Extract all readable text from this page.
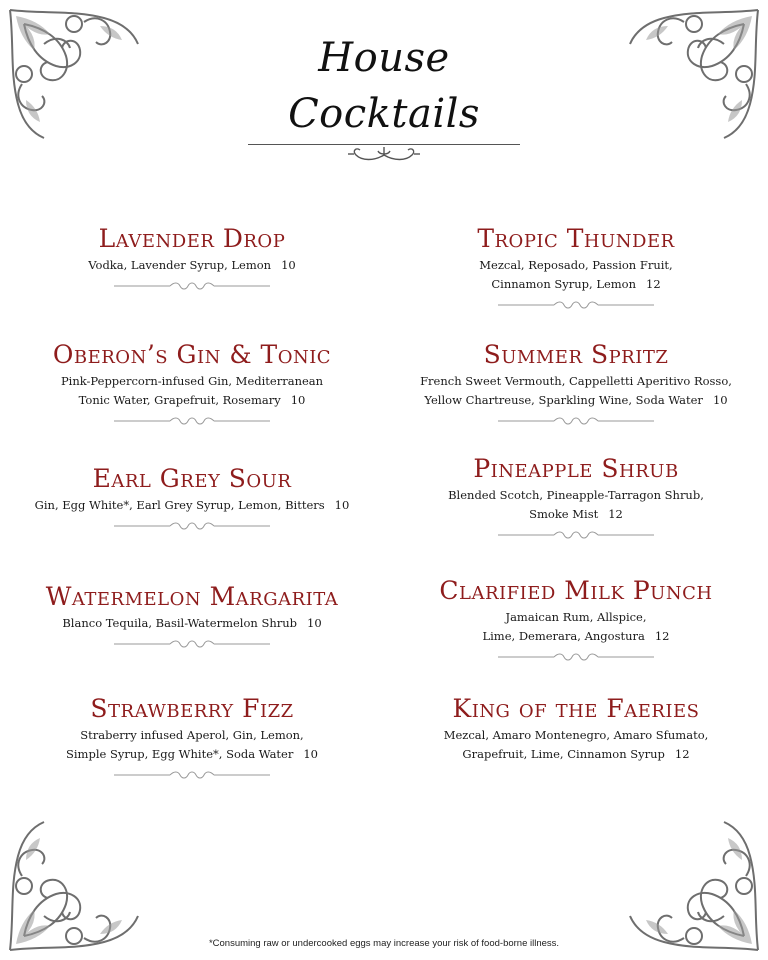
House Cocktails
Lavender Drop
Vodka, Lavender Syrup, Lemon 10
Oberon’s Gin & Tonic
Pink-Peppercorn-infused Gin, Mediterranean
Tonic Water, Grapefruit, Rosemary 10
Earl Grey Sour
Gin, Egg White*, Earl Grey Syrup, Lemon, Bitters 10
Watermelon Margarita
Blanco Tequila, Basil-Watermelon Shrub 10
Strawberry Fizz
Straberry infused Aperol, Gin, Lemon,
Simple Syrup, Egg White*, Soda Water 10
Tropic Thunder
Mezcal, Reposado, Passion Fruit,
Cinnamon Syrup, Lemon 12
Summer Spritz
French Sweet Vermouth, Cappelletti Aperitivo Rosso,
Yellow Chartreuse, Sparkling Wine, Soda Water 10
Pineapple Shrub
Blended Scotch, Pineapple-Tarragon Shrub,
Smoke Mist 12
Clarified Milk Punch
Jamaican Rum, Allspice,
Lime, Demerara, Angostura 12
King of the Faeries
Mezcal, Amaro Montenegro, Amaro Sfumato,
Grapefruit, Lime, Cinnamon Syrup 12
*Consuming raw or undercooked eggs may increase your risk of food-borne illness.
